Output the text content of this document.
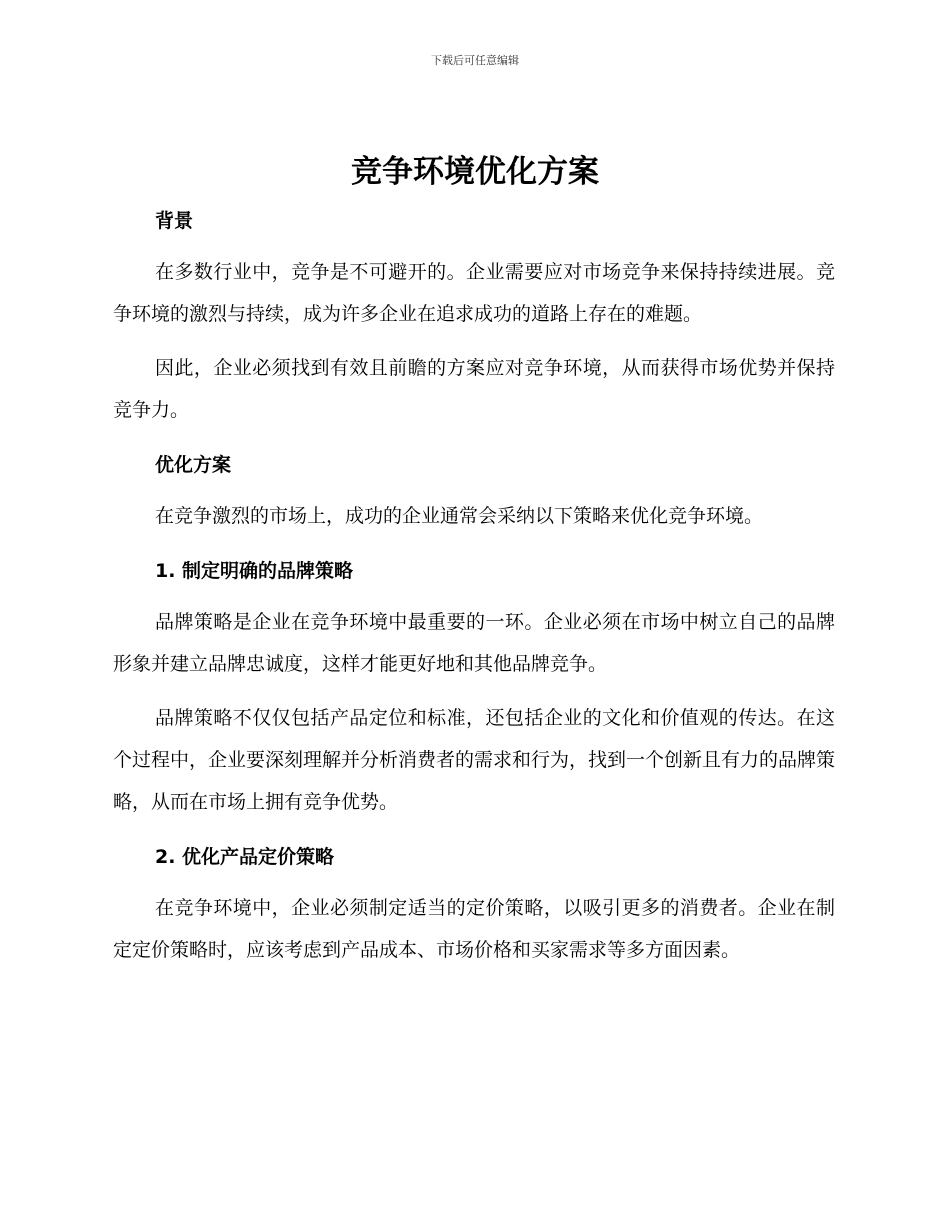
下载后可任意编辑
竞争环境优化方案
背景

在多数行业中，竞争是不可避开的。企业需要应对市场竞争来保持持续进展。竞争环境的激烈与持续，成为许多企业在追求成功的道路上存在的难题。

因此，企业必须找到有效且前瞻的方案应对竞争环境，从而获得市场优势并保持竞争力。

优化方案

在竞争激烈的市场上，成功的企业通常会采纳以下策略来优化竞争环境。

1. 制定明确的品牌策略

品牌策略是企业在竞争环境中最重要的一环。企业必须在市场中树立自己的品牌形象并建立品牌忠诚度，这样才能更好地和其他品牌竞争。

品牌策略不仅仅包括产品定位和标准，还包括企业的文化和价值观的传达。在这个过程中，企业要深刻理解并分析消费者的需求和行为，找到一个创新且有力的品牌策略，从而在市场上拥有竞争优势。

2. 优化产品定价策略

在竞争环境中，企业必须制定适当的定价策略，以吸引更多的消费者。企业在制定定价策略时，应该考虑到产品成本、市场价格和买家需求等多方面因素。
